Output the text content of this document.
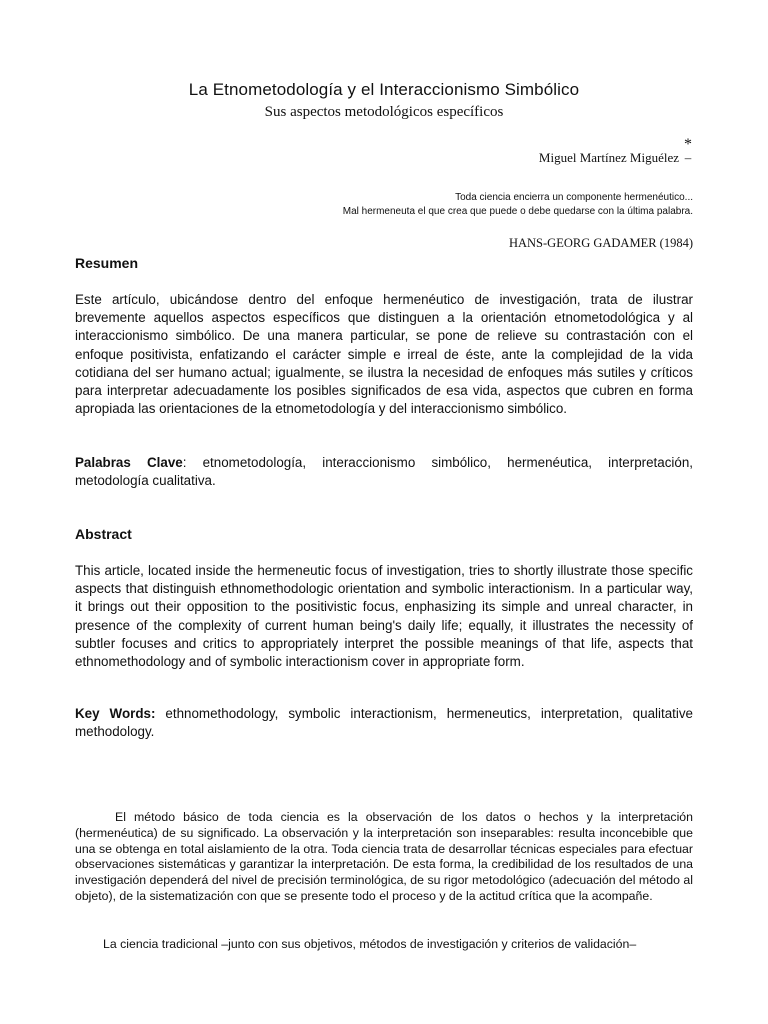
La Etnometodología y el Interaccionismo Simbólico
Sus aspectos metodológicos específicos
Miguel Martínez Miguélez
*
–
Toda ciencia encierra un componente hermenéutico...
Mal hermeneuta el que crea que puede o debe quedarse con la última palabra.
HANS-GEORG GADAMER (1984)
Resumen
Este artículo, ubicándose dentro del enfoque hermenéutico de investigación, trata de ilustrar brevemente aquellos aspectos específicos que distinguen a la orientación etnometodológica y al interaccionismo simbólico. De una manera particular, se pone de relieve su contrastación con el enfoque positivista, enfatizando el carácter simple e irreal de éste, ante la complejidad de la vida cotidiana del ser humano actual; igualmente, se ilustra la necesidad de enfoques más sutiles y críticos para interpretar adecuadamente los posibles significados de esa vida, aspectos que cubren en forma apropiada las orientaciones de la etnometodología y del interaccionismo simbólico.
Palabras Clave: etnometodología, interaccionismo simbólico, hermenéutica, interpretación, metodología cualitativa.
Abstract
This article, located inside the hermeneutic focus of investigation, tries to shortly illustrate those specific aspects that distinguish ethnomethodologic orientation and symbolic interactionism. In a particular way, it brings out their opposition to the positivistic focus, enphasizing its simple and unreal character, in presence of the complexity of current human being's daily life; equally, it illustrates the necessity of subtler focuses and critics to appropriately interpret the possible meanings of that life, aspects that ethnomethodology and of symbolic interactionism cover in appropriate form.
Key Words: ethnomethodology, symbolic interactionism, hermeneutics, interpretation, qualitative methodology.
El método básico de toda ciencia es la observación de los datos o hechos y la interpretación (hermenéutica) de su significado. La observación y la interpretación son inseparables: resulta inconcebible que una se obtenga en total aislamiento de la otra. Toda ciencia trata de desarrollar técnicas especiales para efectuar observaciones sistemáticas y garantizar la interpretación. De esta forma, la credibilidad de los resultados de una investigación dependerá del nivel de precisión terminológica, de su rigor metodológico (adecuación del método al objeto), de la sistematización con que se presente todo el proceso y de la actitud crítica que la acompañe.
La ciencia tradicional –junto con sus objetivos, métodos de investigación y criterios de validación–
